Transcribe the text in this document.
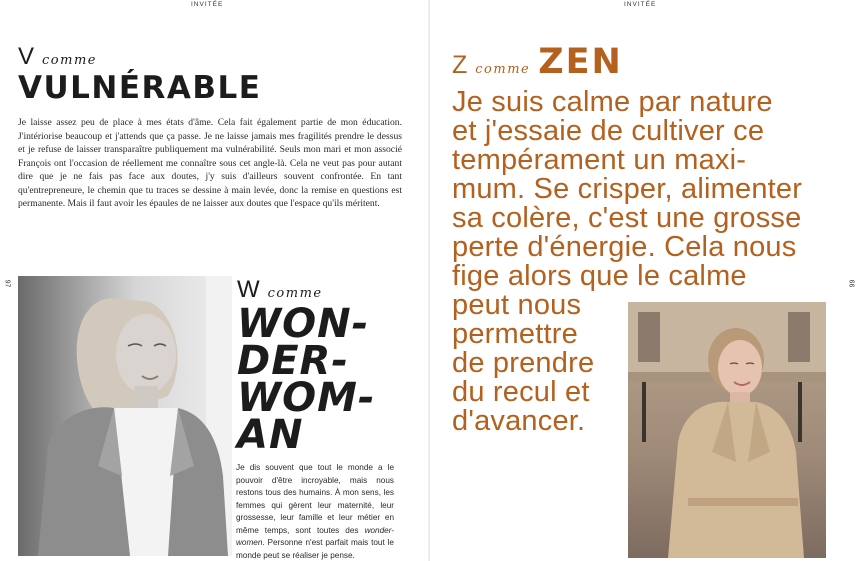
INVITÉE
97
V comme
VULNÉRABLE

Je laisse assez peu de place à mes états d'âme. Cela fait également partie de mon éducation. J'intériorise beaucoup et j'attends que ça passe. Je ne laisse jamais mes fragilités prendre le dessus et je refuse de laisser transparaître publiquement ma vulnérabilité. Seuls mon mari et mon associé François ont l'occasion de réellement me connaître sous cet angle-là. Cela ne veut pas pour autant dire que je ne fais pas face aux doutes, j'y suis d'ailleurs souvent confrontée. En tant qu'entrepreneure, le chemin que tu traces se dessine à main levée, donc la remise en questions est permanente. Mais il faut avoir les épaules de ne laisser aux doutes que l'espace qu'ils méritent.

W comme
WON-
DER-
WOM-
AN

Je dis souvent que tout le monde a le pouvoir d'être incroyable, mais nous restons tous des humains. À mon sens, les femmes qui gèrent leur maternité, leur grossesse, leur famille et leur métier en même temps, sont toutes des wonder-women. Personne n'est parfait mais tout le monde peut se réaliser je pense.

INVITÉE
99
Z comme ZEN
Je suis calme par nature
et j'essaie de cultiver ce
tempérament un maxi-
mum. Se crisper, alimenter
sa colère, c'est une grosse
perte d'énergie. Cela nous
fige alors que le calme
peut nous
permettre
de prendre
du recul et
d'avancer.
